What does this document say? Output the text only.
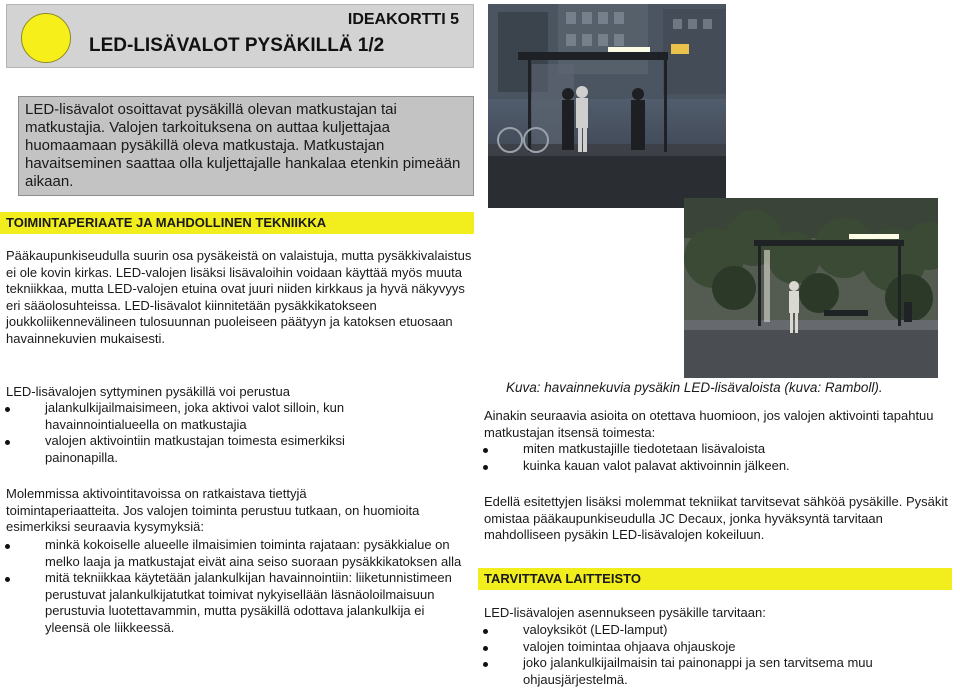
IDEAKORTTI 5
LED-LISÄVALOT PYSÄKILLÄ 1/2
LED-lisävalot osoittavat pysäkillä olevan matkustajan tai matkustajia. Valojen tarkoituksena on auttaa kuljettajaa huomaamaan pysäkillä oleva matkustaja. Matkustajan havaitseminen saattaa olla kuljettajalle hankalaa etenkin pimeään aikaan.
TOIMINTAPERIAATE JA MAHDOLLINEN TEKNIIKKA
Pääkaupunkiseudulla suurin osa pysäkeistä on valaistuja, mutta pysäkkivalaistus ei ole kovin kirkas. LED-valojen lisäksi lisävaloihin voidaan käyttää myös muuta tekniikkaa, mutta LED-valojen etuina ovat juuri niiden kirkkaus ja hyvä näkyvyys eri sääolosuhteissa. LED-lisävalot kiinnitetään pysäkkikatokseen joukkoliikennevälineen tulosuunnan puoleiseen päätyyn ja katoksen etuosaan havainnekuvien mukaisesti.
LED-lisävalojen syttyminen pysäkillä voi perustua
jalankulkijailmaisimeen, joka aktivoi valot silloin, kun havainnointialueella on matkustajia
valojen aktivointiin matkustajan toimesta esimerkiksi painonapilla.
Molemmissa aktivointitavoissa on ratkaistava tiettyjä toimintaperiaatteita. Jos valojen toiminta perustuu tutkaan, on huomioita esimerkiksi seuraavia kysymyksiä:
minkä kokoiselle alueelle ilmaisimien toiminta rajataan: pysäkkialue on melko laaja ja matkustajat eivät aina seiso suoraan pysäkkikatoksen alla
mitä tekniikkaa käytetään jalankulkijan havainnointiin: liiketunnistimeen perustuvat jalankulkijatutkat toimivat nykyisellään läsnäoloilmaisuun perustuvia luotettavammin, mutta pysäkillä odottava jalankulkija ei yleensä ole liikkeessä.
Kuva: havainnekuvia pysäkin LED-lisävaloista (kuva: Ramboll).
Ainakin seuraavia asioita on otettava huomioon, jos valojen aktivointi tapahtuu matkustajan itsensä toimesta:
miten matkustajille tiedotetaan lisävaloista
kuinka kauan valot palavat aktivoinnin jälkeen.
Edellä esitettyjen lisäksi molemmat tekniikat tarvitsevat sähköä pysäkille. Pysäkit omistaa pääkaupunkiseudulla JC Decaux, jonka hyväksyntä tarvitaan mahdolliseen pysäkin LED-lisävalojen kokeiluun.
TARVITTAVA LAITTEISTO
LED-lisävalojen asennukseen pysäkille tarvitaan:
valoyksiköt (LED-lamput)
valojen toimintaa ohjaava ohjauskoje
joko jalankulkijailmaisin tai painonappi ja sen tarvitsema muu ohjausjärjestelmä.
